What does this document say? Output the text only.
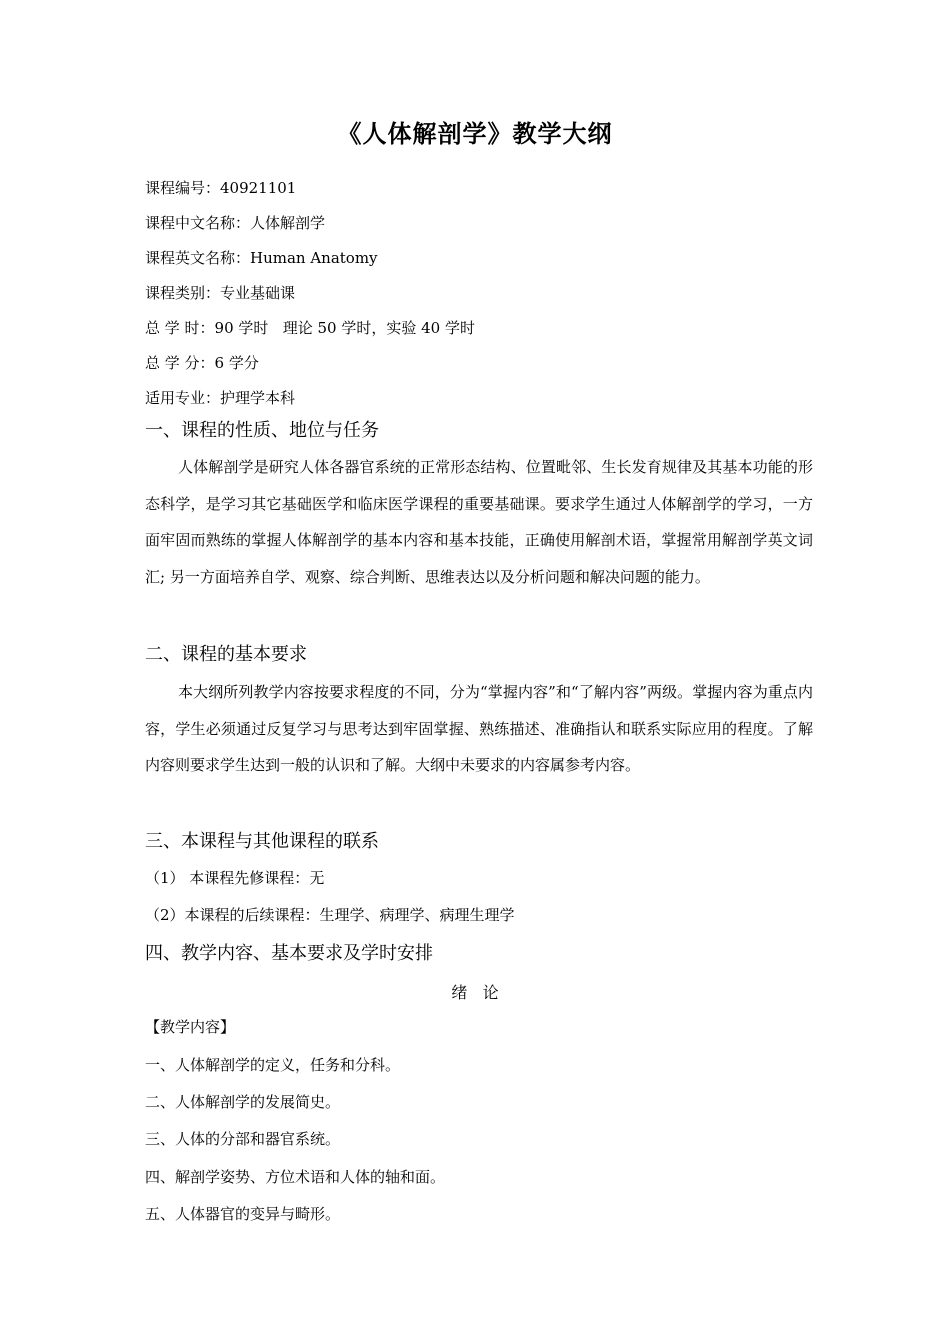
《人体解剖学》教学大纲
课程编号：40921101
课程中文名称：人体解剖学
课程英文名称：Human Anatomy
课程类别：专业基础课
总 学 时：90 学时   理论 50 学时，实验 40 学时
总 学 分：6 学分
适用专业：护理学本科
一、课程的性质、地位与任务
人体解剖学是研究人体各器官系统的正常形态结构、位置毗邻、生长发育规律及其基本功能的形态科学，是学习其它基础医学和临床医学课程的重要基础课。要求学生通过人体解剖学的学习，一方面牢固而熟练的掌握人体解剖学的基本内容和基本技能，正确使用解剖术语，掌握常用解剖学英文词汇; 另一方面培养自学、观察、综合判断、思维表达以及分析问题和解决问题的能力。
二、课程的基本要求
本大纲所列教学内容按要求程度的不同，分为“掌握内容”和“了解内容”两级。掌握内容为重点内容，学生必须通过反复学习与思考达到牢固掌握、熟练描述、准确指认和联系实际应用的程度。了解内容则要求学生达到一般的认识和了解。大纲中未要求的内容属参考内容。
三、本课程与其他课程的联系
（1） 本课程先修课程：无
（2）本课程的后续课程：生理学、病理学、病理生理学
四、教学内容、基本要求及学时安排
绪   论
【教学内容】
一、人体解剖学的定义，任务和分科。
二、人体解剖学的发展简史。
三、人体的分部和器官系统。
四、解剖学姿势、方位术语和人体的轴和面。
五、人体器官的变异与畸形。
